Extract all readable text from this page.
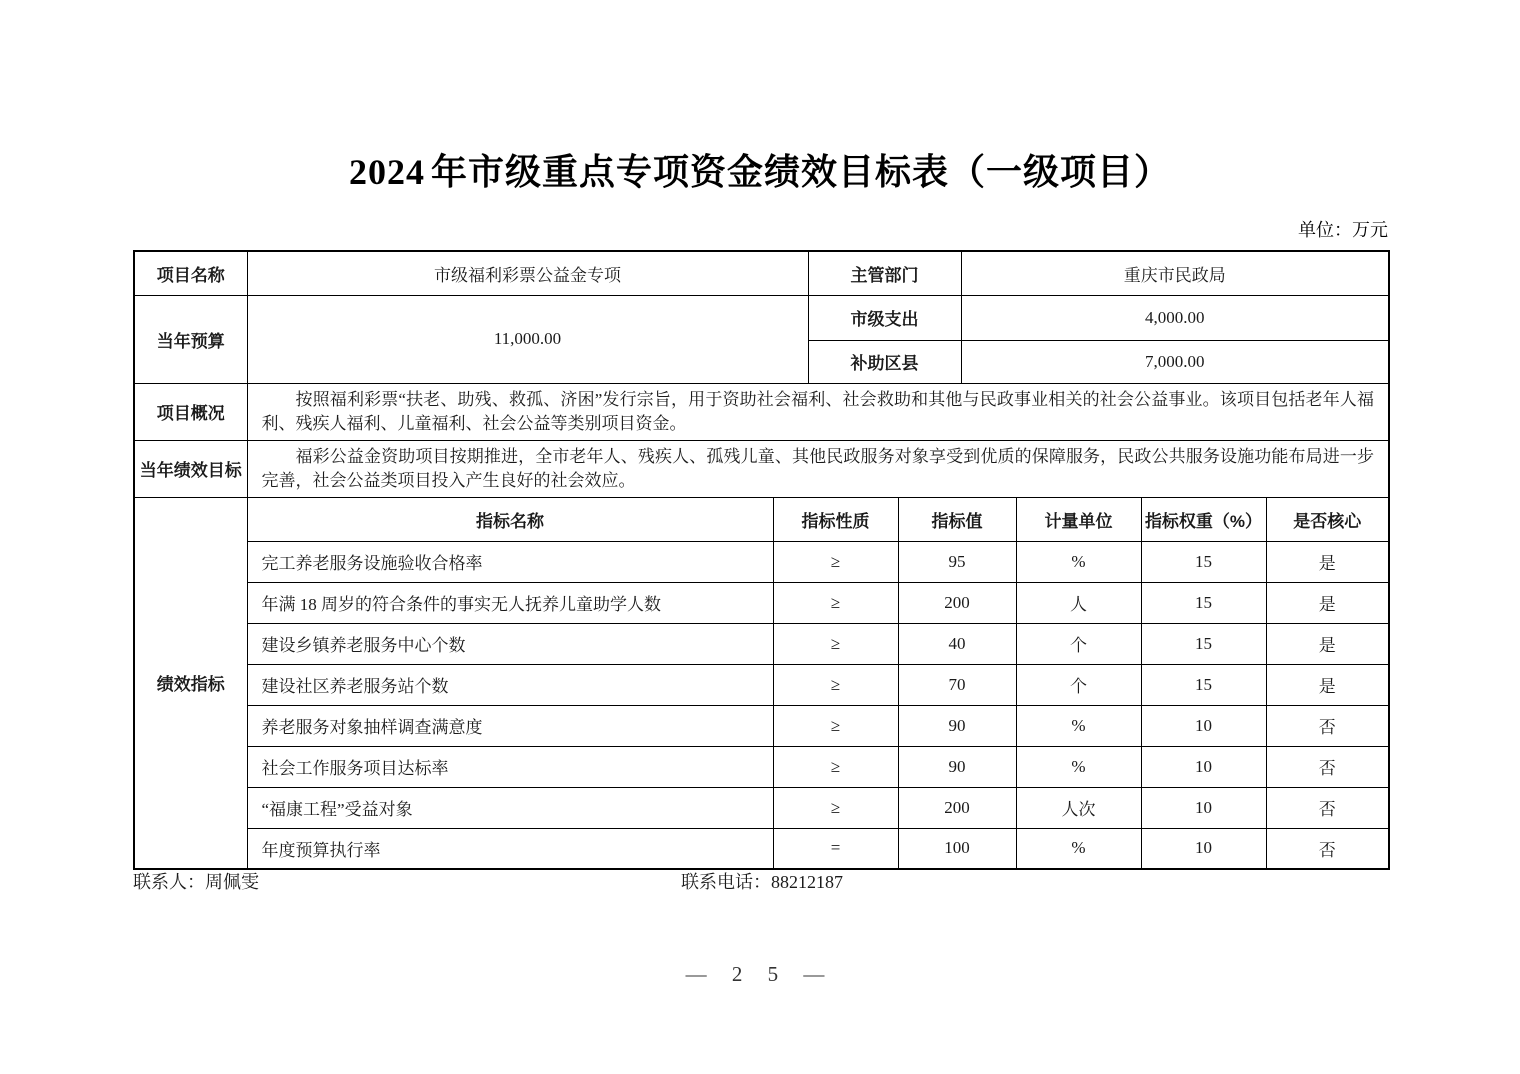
2024 年市级重点专项资金绩效目标表（一级项目）
单位：万元
项目名称	市级福利彩票公益金专项		主管部门		重庆市民政局			
当年预算	11,000.00		市级支出		4,000.00			
			补助区县		7,000.00			
项目概况	按照福利彩票“扶老、助残、救孤、济困”发行宗旨，用于资助社会福利、社会救助和其他与民政事业相关的社会公益事业。该项目包括老年人福利、残疾人福利、儿童福利、社会公益等类别项目资金。							
当年绩效目标	福彩公益金资助项目按期推进，全市老年人、残疾人、孤残儿童、其他民政服务对象享受到优质的保障服务，民政公共服务设施功能布局进一步完善，社会公益类项目投入产生良好的社会效应。							
绩效指标	指标名称	指标性质		指标值		计量单位	指标权重（%）	是否核心
	完工养老服务设施验收合格率	≥		95		%	15	是
	年满 18 周岁的符合条件的事实无人抚养儿童助学人数	≥		200		人	15	是
	建设乡镇养老服务中心个数	≥		40		个	15	是
	建设社区养老服务站个数	≥		70		个	15	是
	养老服务对象抽样调查满意度	≥		90		%	10	否
	社会工作服务项目达标率	≥		90		%	10	否
	“福康工程”受益对象	≥		200		人次	10	否
	年度预算执行率	=		100		%	10	否
联系人：周佩雯	联系电话：88212187
— 2 5 —
